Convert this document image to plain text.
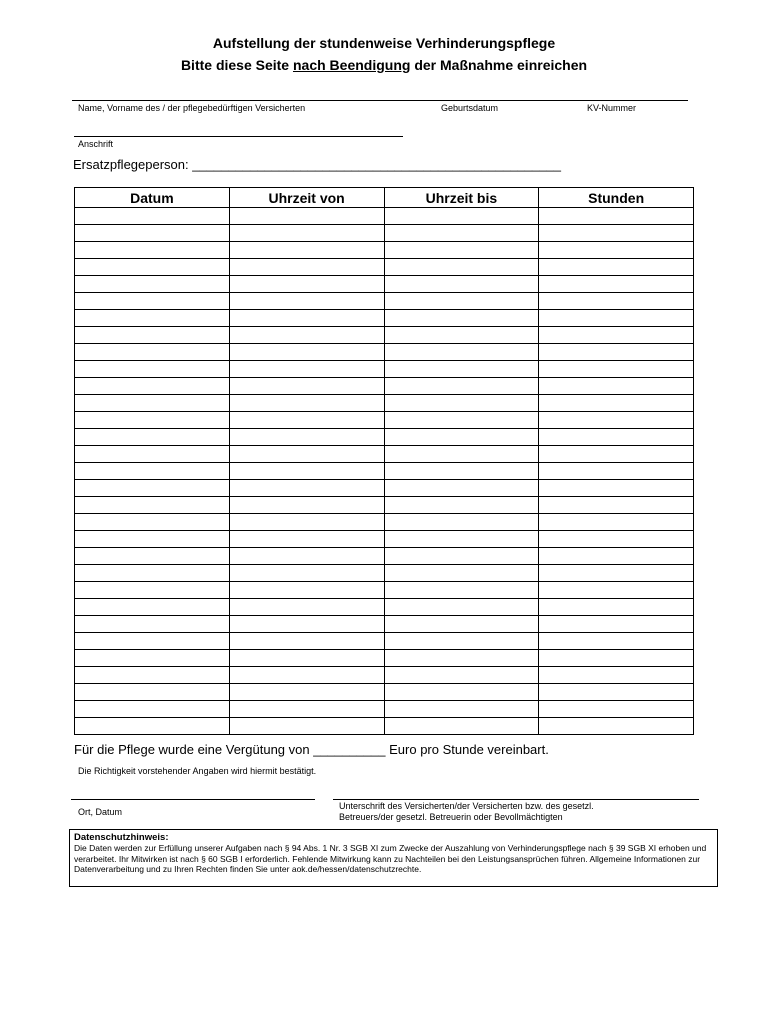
Aufstellung der stundenweise Verhinderungspflege
Bitte diese Seite nach Beendigung der Maßnahme einreichen
Name, Vorname des / der pflegebedürftigen Versicherten	Geburtsdatum	KV-Nummer
Anschrift
Ersatzpflegeperson: ___________________________________________________
Datum	Uhrzeit von	Uhrzeit bis	Stunden

Für die Pflege wurde eine Vergütung von __________ Euro pro Stunde vereinbart.
Die Richtigkeit vorstehender Angaben wird hiermit bestätigt.
Ort, Datum
Unterschrift des Versicherten/der Versicherten bzw. des gesetzl.
Betreuers/der gesetzl. Betreuerin oder Bevollmächtigten
Datenschutzhinweis:
Die Daten werden zur Erfüllung unserer Aufgaben nach § 94 Abs. 1 Nr. 3 SGB XI zum Zwecke der Auszahlung von Verhinderungspflege nach § 39 SGB XI erhoben und verarbeitet. Ihr Mitwirken ist nach § 60 SGB I erforderlich. Fehlende Mitwirkung kann zu Nachteilen bei den Leistungsansprüchen führen. Allgemeine Informationen zur Datenverarbeitung und zu Ihren Rechten finden Sie unter aok.de/hessen/datenschutzrechte.
